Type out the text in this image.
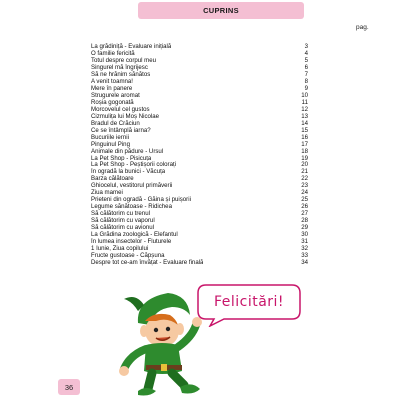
CUPRINS
pag.
La grădiniță - Evaluare inițială	3
O familie fericită	4
Totul despre corpul meu	5
Singurel mă îngrijesc	6
Să ne hrănim sănătos	7
A venit toamna!	8
Mere în panere	9
Strugurele aromat	10
Roșia gogonată	11
Morcovelul cel gustos	12
Cizmulița lui Moș Nicolae	13
Bradul de Crăciun	14
Ce se întâmplă iarna?	15
Bucuriile iernii	16
Pinguinul Ping	17
Animale din pădure - Ursul	18
La Pet Shop - Pisicuța	19
La Pet Shop - Peștișorii colorați	20
În ogradă la bunici - Văcuța	21
Barza călătoare	22
Ghiocelul, vestitorul primăverii	23
Ziua mamei	24
Prieteni din ogradă - Găina și puișorii	25
Legume sănătoase - Ridichea	26
Să călătorim cu trenul	27
Să călătorim cu vaporul	28
Să călătorim cu avionul	29
La Grădina zoologică - Elefantul	30
În lumea insectelor - Fluturele	31
1 Iunie, Ziua copilului	32
Fructe gustoase - Căpșuna	33
Despre tot ce-am învățat - Evaluare finală	34
Felicitări!
36
